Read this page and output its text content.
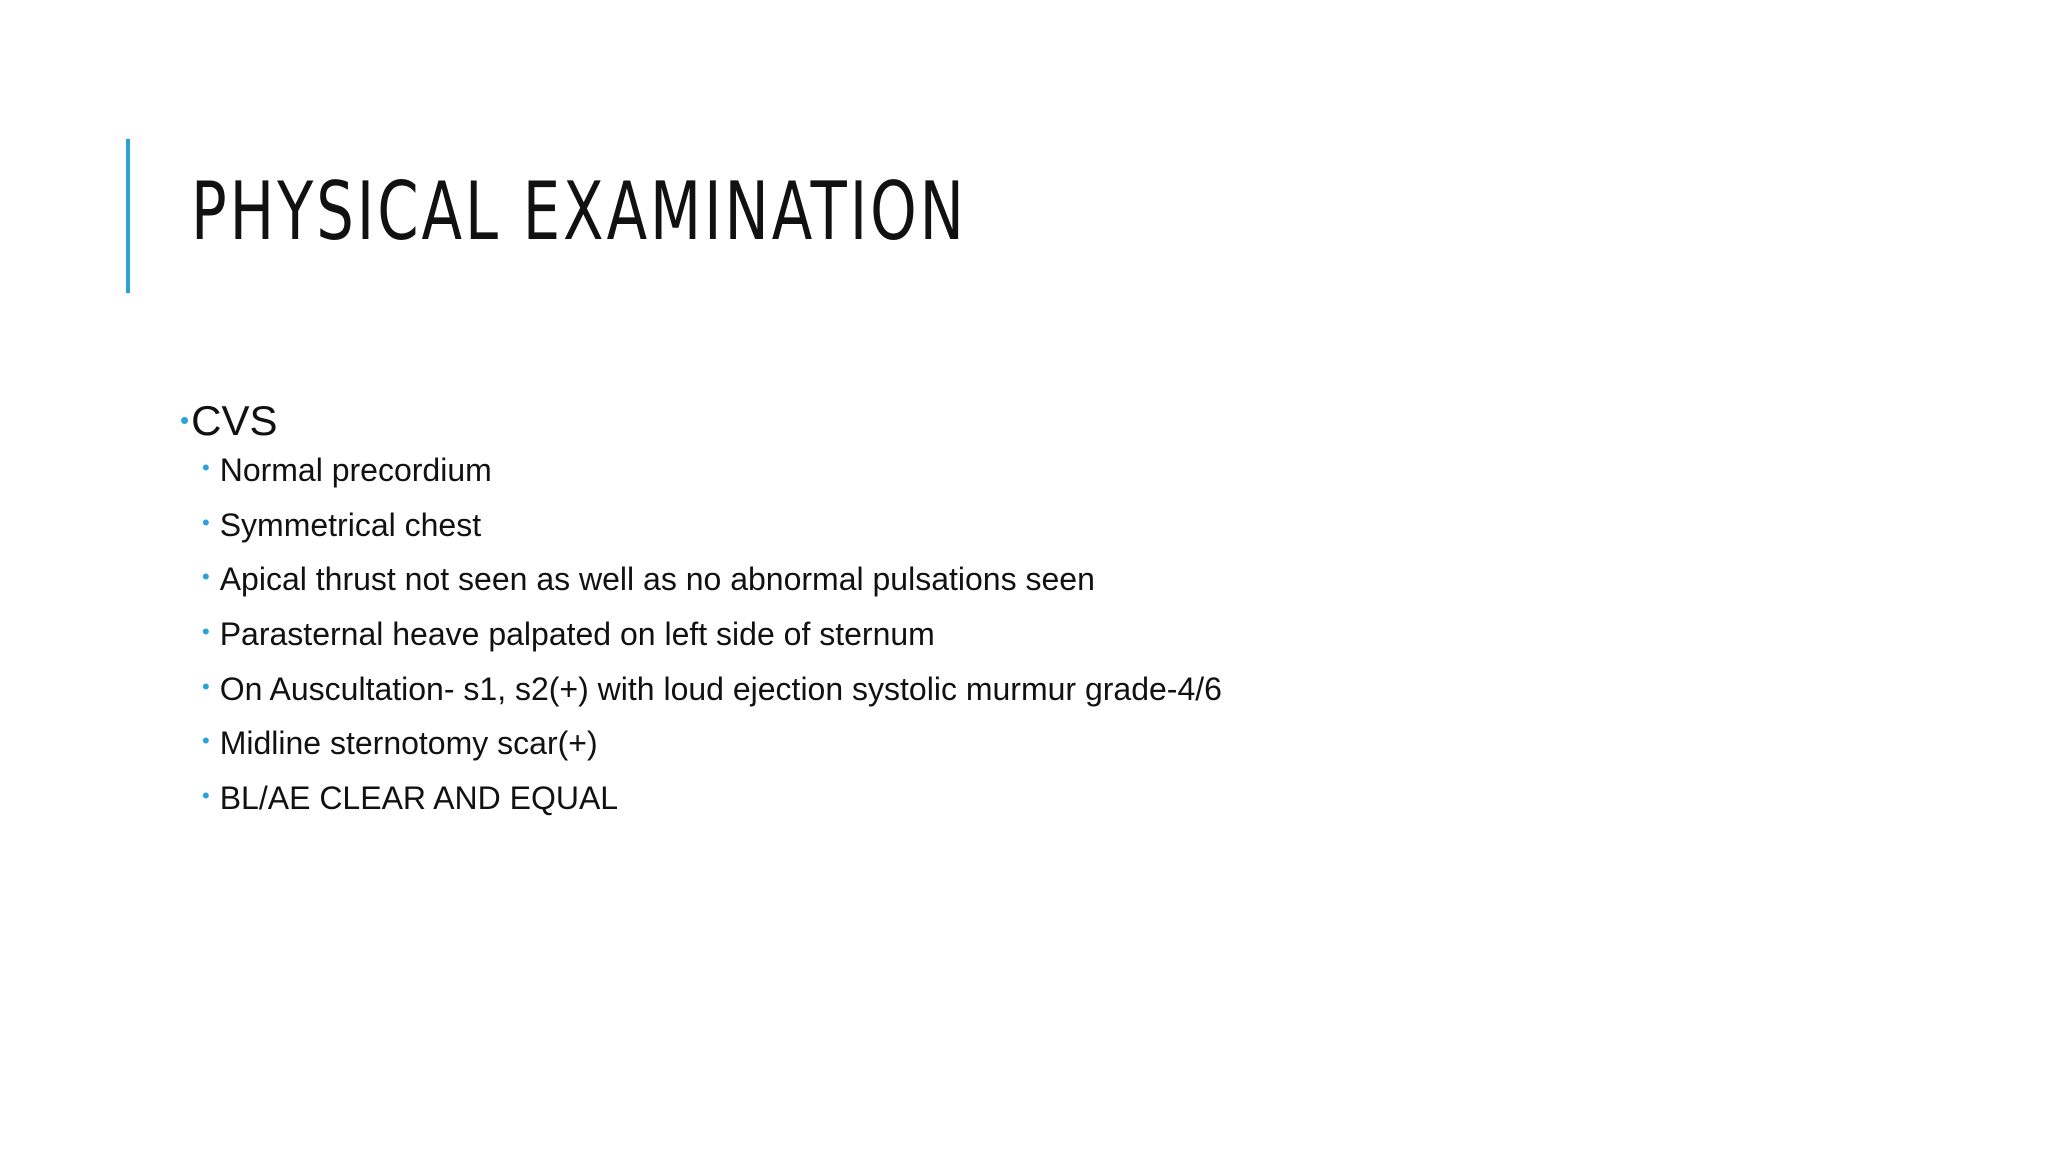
PHYSICAL EXAMINATION
• CVS
• Normal precordium
• Symmetrical chest
• Apical thrust not seen as well as no abnormal pulsations seen
• Parasternal heave palpated on left side of sternum
• On Auscultation- s1, s2(+) with loud ejection systolic murmur grade-4/6
• Midline sternotomy scar(+)
• BL/AE CLEAR AND EQUAL
